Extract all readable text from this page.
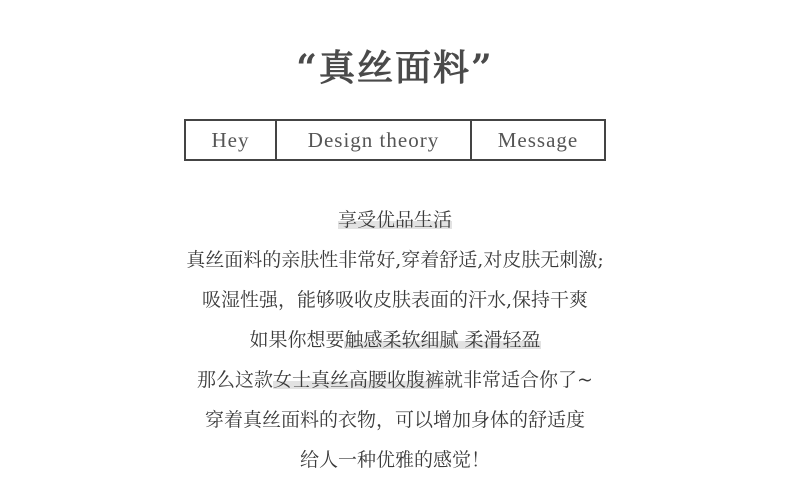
“真丝面料”
Hey	Design theory	Message
享受优品生活
真丝面料的亲肤性非常好,穿着舒适,对皮肤无刺激;
吸湿性强，能够吸收皮肤表面的汗水,保持干爽
如果你想要触感柔软细腻 柔滑轻盈
那么这款女士真丝高腰收腹裤就非常适合你了~
穿着真丝面料的衣物，可以增加身体的舒适度
给人一种优雅的感觉！
